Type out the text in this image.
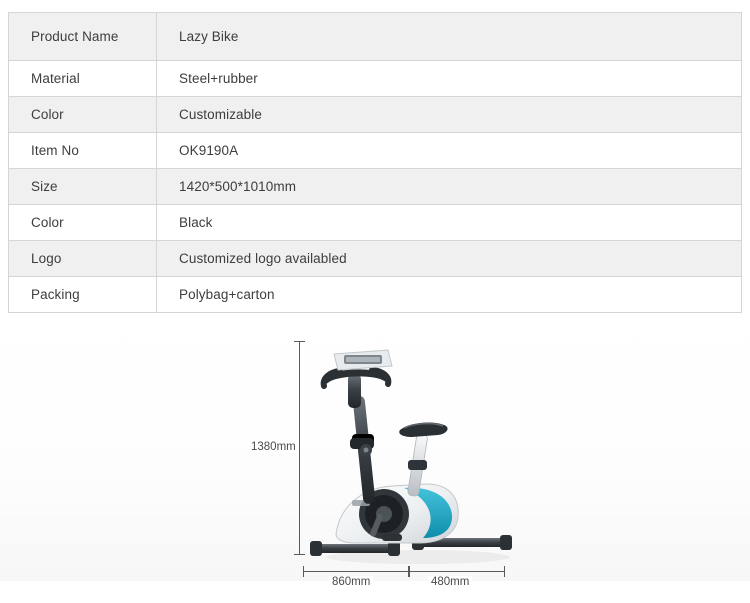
Product Name	Lazy Bike
Material	Steel+rubber
Color	Customizable
Item No	OK9190A
Size	1420*500*1010mm
Color	Black
Logo	Customized logo availabled
Packing	Polybag+carton
1380mm
860mm	480mm
